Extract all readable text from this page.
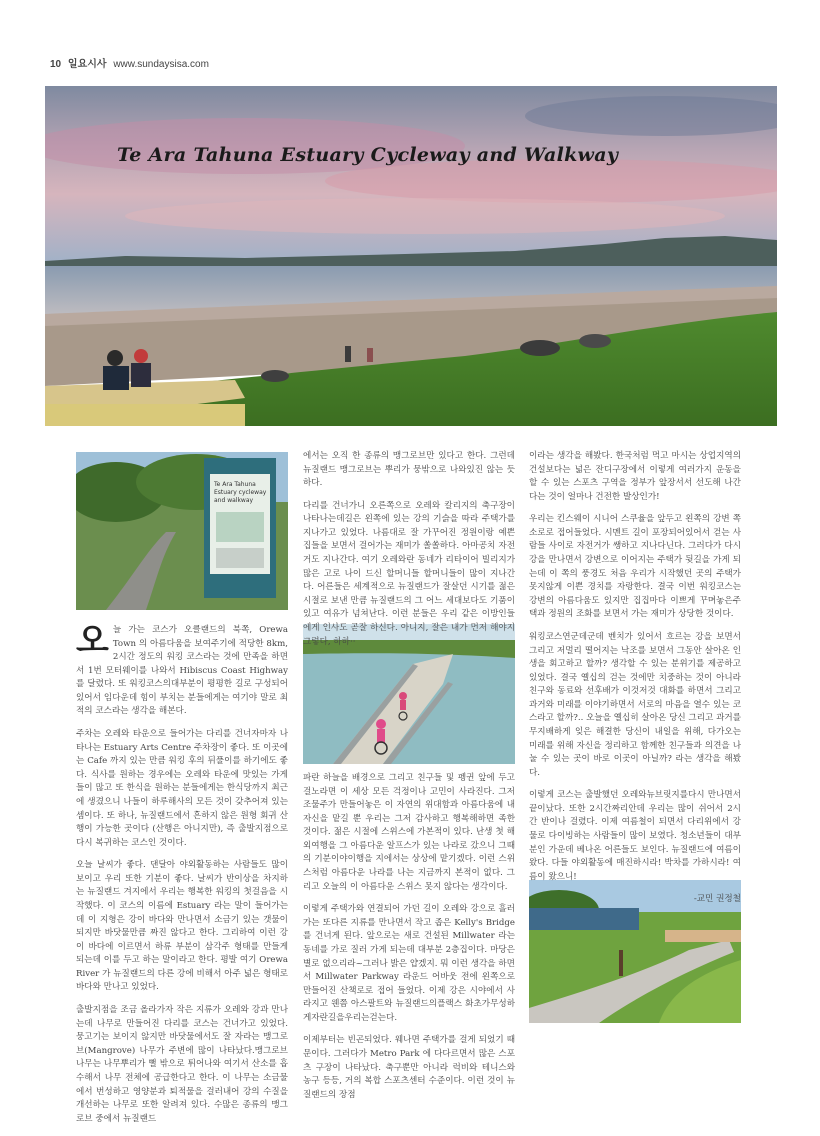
10 일요시사 www.sundaysisa.com
Te Ara Tahuna Estuary Cycleway and Walkway
Te Ara Tahuna
Estuary cycleway
and walkway

오늘 가는 코스가 오클랜드의 북쪽, Orewa Town 의 아름다움을 보여주기에 적당한 8km, 2시간 정도의 워킹 코스라는 것에 만족을 하면서 1번 모터웨이를 나와서 Hibiscus Coast Highway 를 달렸다. 또 워킹코스의대부분이 평평한 길로 구성되어 있어서 임다운데 힘이 부치는 분들에게는 여기야 말로 최적의 코스라는 생각을 해본다.

주차는 오레와 타운으로 들어가는 다리를 건너자마자 나타나는 Estuary Arts Centre 주차장이 좋다. 또 이곳에는 Cafe 까지 있는 만큼 워킹 후의 뒤풀이를 하기에도 좋다. 식사를 원하는 경우에는 오레와 타운에 맛있는 가게들이 많고 또 한식을 원하는 분들에게는 한식당까지 최근에 생겼으니 나들이 하루해사의 모든 것이 갖추어져 있는 셈이다. 또 하나, 뉴질랜드에서 흔하지 않은 원형 회귀 산행이 가능한 곳이다 (산행은 아니지만), 즉 출발지점으로 다시 복귀하는 코스인 것이다.

오늘 날씨가 좋다. 댄달아 야외활동하는 사람들도 많이 보이고 우리 또한 기분이 좋다. 날씨가 반이상을 차지하는 뉴질랜드 겨지에서 우리는 행복한 워킹의 첫걸음을 시작했다. 이 코스의 이름에 Estuary 라는 말이 들어가는데 이 지형은 강이 바다와 만나면서 소금기 있는 갯물이 되지만 바닷물만큼 짜진 않다고 한다. 그리하여 이런 강이 바다에 이르면서 하류 부분이 삼각주 형태를 만들게 되는데 이를 두고 하는 말이라고 한다. 평발 여기 Orewa River 가 뉴질랜드의 다른 강에 비해서 아주 넓은 형태로 바다와 만나고 있었다.

출발지점을 조금 올라가자 작은 지류가 오레와 강과 만나는데 나무로 만들어진 다리를 코스는 건너가고 있었다. 뭉고기는 보이지 않지만 바닷물에서도 잘 자라는 맹그로브(Mangrove) 나무가 주변에 많이 나타났다.맹그로브 나무는 나무뿌리가 뻘 밖으로 튀어나와 여기서 산소를 흡수해서 나무 전체에 공급한다고 한다. 이 나무는 소금물에서 번성하고 영양분과 퇴적물을 걸러내어 강의 수질을 개선하는 나무로 또한 알려져 있다. 수많은 종류의 맹그로브 중에서 뉴질랜드

에서는 오직 한 종류의 맹그로브만 있다고 한다. 그런데 뉴질랜드 맹그로브는 뿌리가 뭉밖으로 나와있진 않는 듯하다.

다리를 건너가니 오른쪽으로 오레와 칼리지의 축구장이 나타나는데길은 왼쪽에 있는 강의 기슭을 따라 주택가를 지나가고 있었다. 나름대로 잘 가꾸어진 정원이랑 예쁜 집들을 보면서 걸어가는 재미가 쏠쏠하다. 아마공치 자전거도 지나간다. 여기 오레와란 동네가 리타이어 빌리지가 많은 고로 나이 드신 할머니들 할머니들이 많이 지나간다. 어른들은 세계적으로 뉴질랜드가 잘살던 시기를 젊은시절로 보낸 만큼 뉴질랜드의 그 어느 세대보다도 기품이 있고 여유가 넘쳐난다. 이런 분들은 우리 같은 이방인들에게 인사도 곧잘 하신다. 아니지, 잘은 내가 먼저 해야지 그렇다, 하하··

파란 하늘을 배경으로 그리고 친구들 및 펭귄 앞에 두고 걸노라면 이 세상 모든 걱정이나 고민이 사라진다. 그저 조물주가 만들어놓은 이 자연의 위대함과 아름다움에 내 자신을 맡길 뿐 우리는 그저 감사하고 행복해하면 족한 것이다. 젊은 시절에 스위스에 가본적이 있다. 난생 첫 해외여행을 그 아름다운 알프스가 있는 나라로 갔으니 그때의 기분이야이행을 지에서는 상상에 맡기겠다. 이런 스위스처럼 아름다운 나라를 나는 지금까지 본적이 없다. 그리고 오늘의 이 아름다운 스위스 못지 않다는 생각이다.

이렇게 주택가와 연결되어 가던 길이 오레와 강으로 흘러가는 또다른 지류를 만나면서 작고 좁은 Kelly's Bridge 를 건너게 된다. 앞으로는 새로 건설된 Millwater 라는 동네를 가로 질러 가게 되는데 대부분 2층집이다. 마당은 별로 없으리라~그러나 밝은 얍겠지. 뭐 이런 생각을 하면서 Millwater Parkway 라운드 어바웃 전에 왼쪽으로 만들어진 산책로로 접어 들었다. 이제 강은 시야에서 사라지고 웬쯤 아스팔트와 뉴질랜드의플랙스 화초가무성하게자란길을우리는걷는다.

이제부터는 빈곤되었다. 웨나면 주택가를 걸게 되었기 때문이다. 그러다가 Metro Park 에 다다르면서 많은 스포츠 구장이 나타났다. 축구뿐만 아니라 럭비와 테니스와 농구 등등, 거의 복합 스포츠센터 수준이다. 이런 것이 뉴질랜드의 장점

이라는 생각을 해봤다. 한국처럼 먹고 마시는 상업지역의 건설보다는 넓은 잔디구장에서 이렇게 여러가지 운동을 할 수 있는 스포츠 구역을 정부가 앞장서서 선도해 나간다는 것이 얼마나 건전한 발상인가!

우리는 킨스웨이 시니어 스쿠율을 앞두고 왼쪽의 강변 쪽 소로로 접어들었다. 시멘트 길이 포장되어있어서 걷는 사람들 사이로 자전거가 쌩하고 지나다닌다. 그러다가 다시 강을 만나면서 강변으로 이어지는 주택가 뒷길을 가게 되는데 이 쪽의 풍경도 처음 우리가 시작했던 곳의 주택가 못지않게 이쁜 경치를 자랑한다. 결국 이번 워킹코스는 강변의 아름다움도 있지만 집집마다 이쁘게 꾸며놓은주택과 정원의 조화를 보면서 가는 재미가 상당한 것이다.

워킹코스연군데군데 벤치가 있어서 흐르는 강을 보면서 그리고 저멀리 떨어지는 낙조를 보면서 그동안 살아온 인생을 회고하고 할까? 생각할 수 있는 분위기를 제공하고 있었다. 결국 옐십의 걷는 것에만 치중하는 것이 아니라 친구와 동료와 선후배가 이것저것 대화를 하면서 그리고 과거와 미래를 이야기하면서 서로의 마음을 열수 있는 코스라고 할까?.. 오늘을 옐십히 살아온 당신 그리고 과거를 무지배하게 잊은 해결한 당신이 내일을 위해, 다가오는 미래를 위해 자신을 정리하고 함께한 친구들과 의견을 나눌 수 있는 곳이 바로 이곳이 아닐까? 라는 생각을 해봤다.

이렇게 코스는 출발했던 오레와뉴브릿지를다시 만나면서 끝이났다. 또한 2시간짜리안데 우리는 많이 쉬어서 2시간 반이나 걸렸다. 이제 여름철이 되면서 다리위에서 강물로 다이빙하는 사람들이 많이 보였다. 청소년들이 대부분인 가운데 베나온 어른들도 보인다. 뉴질랜드에 여름이 왔다. 다들 야외활동에 매진하시라! 박차를 가하시라! 여름이 왔으니!

-교민 권정철
